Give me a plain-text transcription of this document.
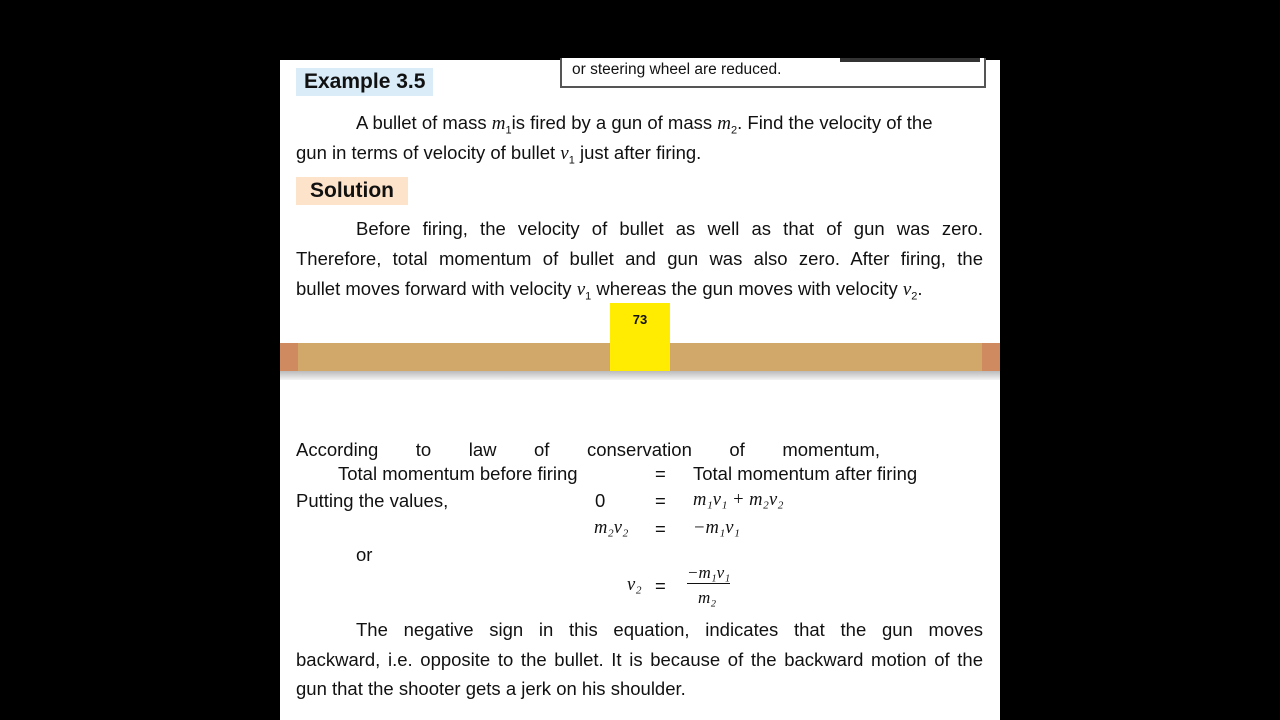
or steering wheel are reduced.
Example 3.5
A bullet of mass $m_1is$ fired by a gun of mass $m_2$. Find the velocity of the
gun in terms of velocity of bullet $v_1$ just after firing.
Solution
Before firing, the velocity of bullet as well as that of gun was zero.
Therefore, total momentum of bullet and gun was also zero. After firing, the
bullet moves forward with velocity $v_1$ whereas the gun moves with velocity $v_2$.
73
According to law of conservation of momentum,
Total momentum before firing	= Total momentum after firing
Putting the values,	0	= m₁v₁ + m₂v₂
m₂v₂ = −m₁v₁
or
v₂ =
−m₁v₁
m₂
The negative sign in this equation, indicates that the gun moves
backward, i.e. opposite to the bullet. It is because of the backward motion of the
gun that the shooter gets a jerk on his shoulder.
